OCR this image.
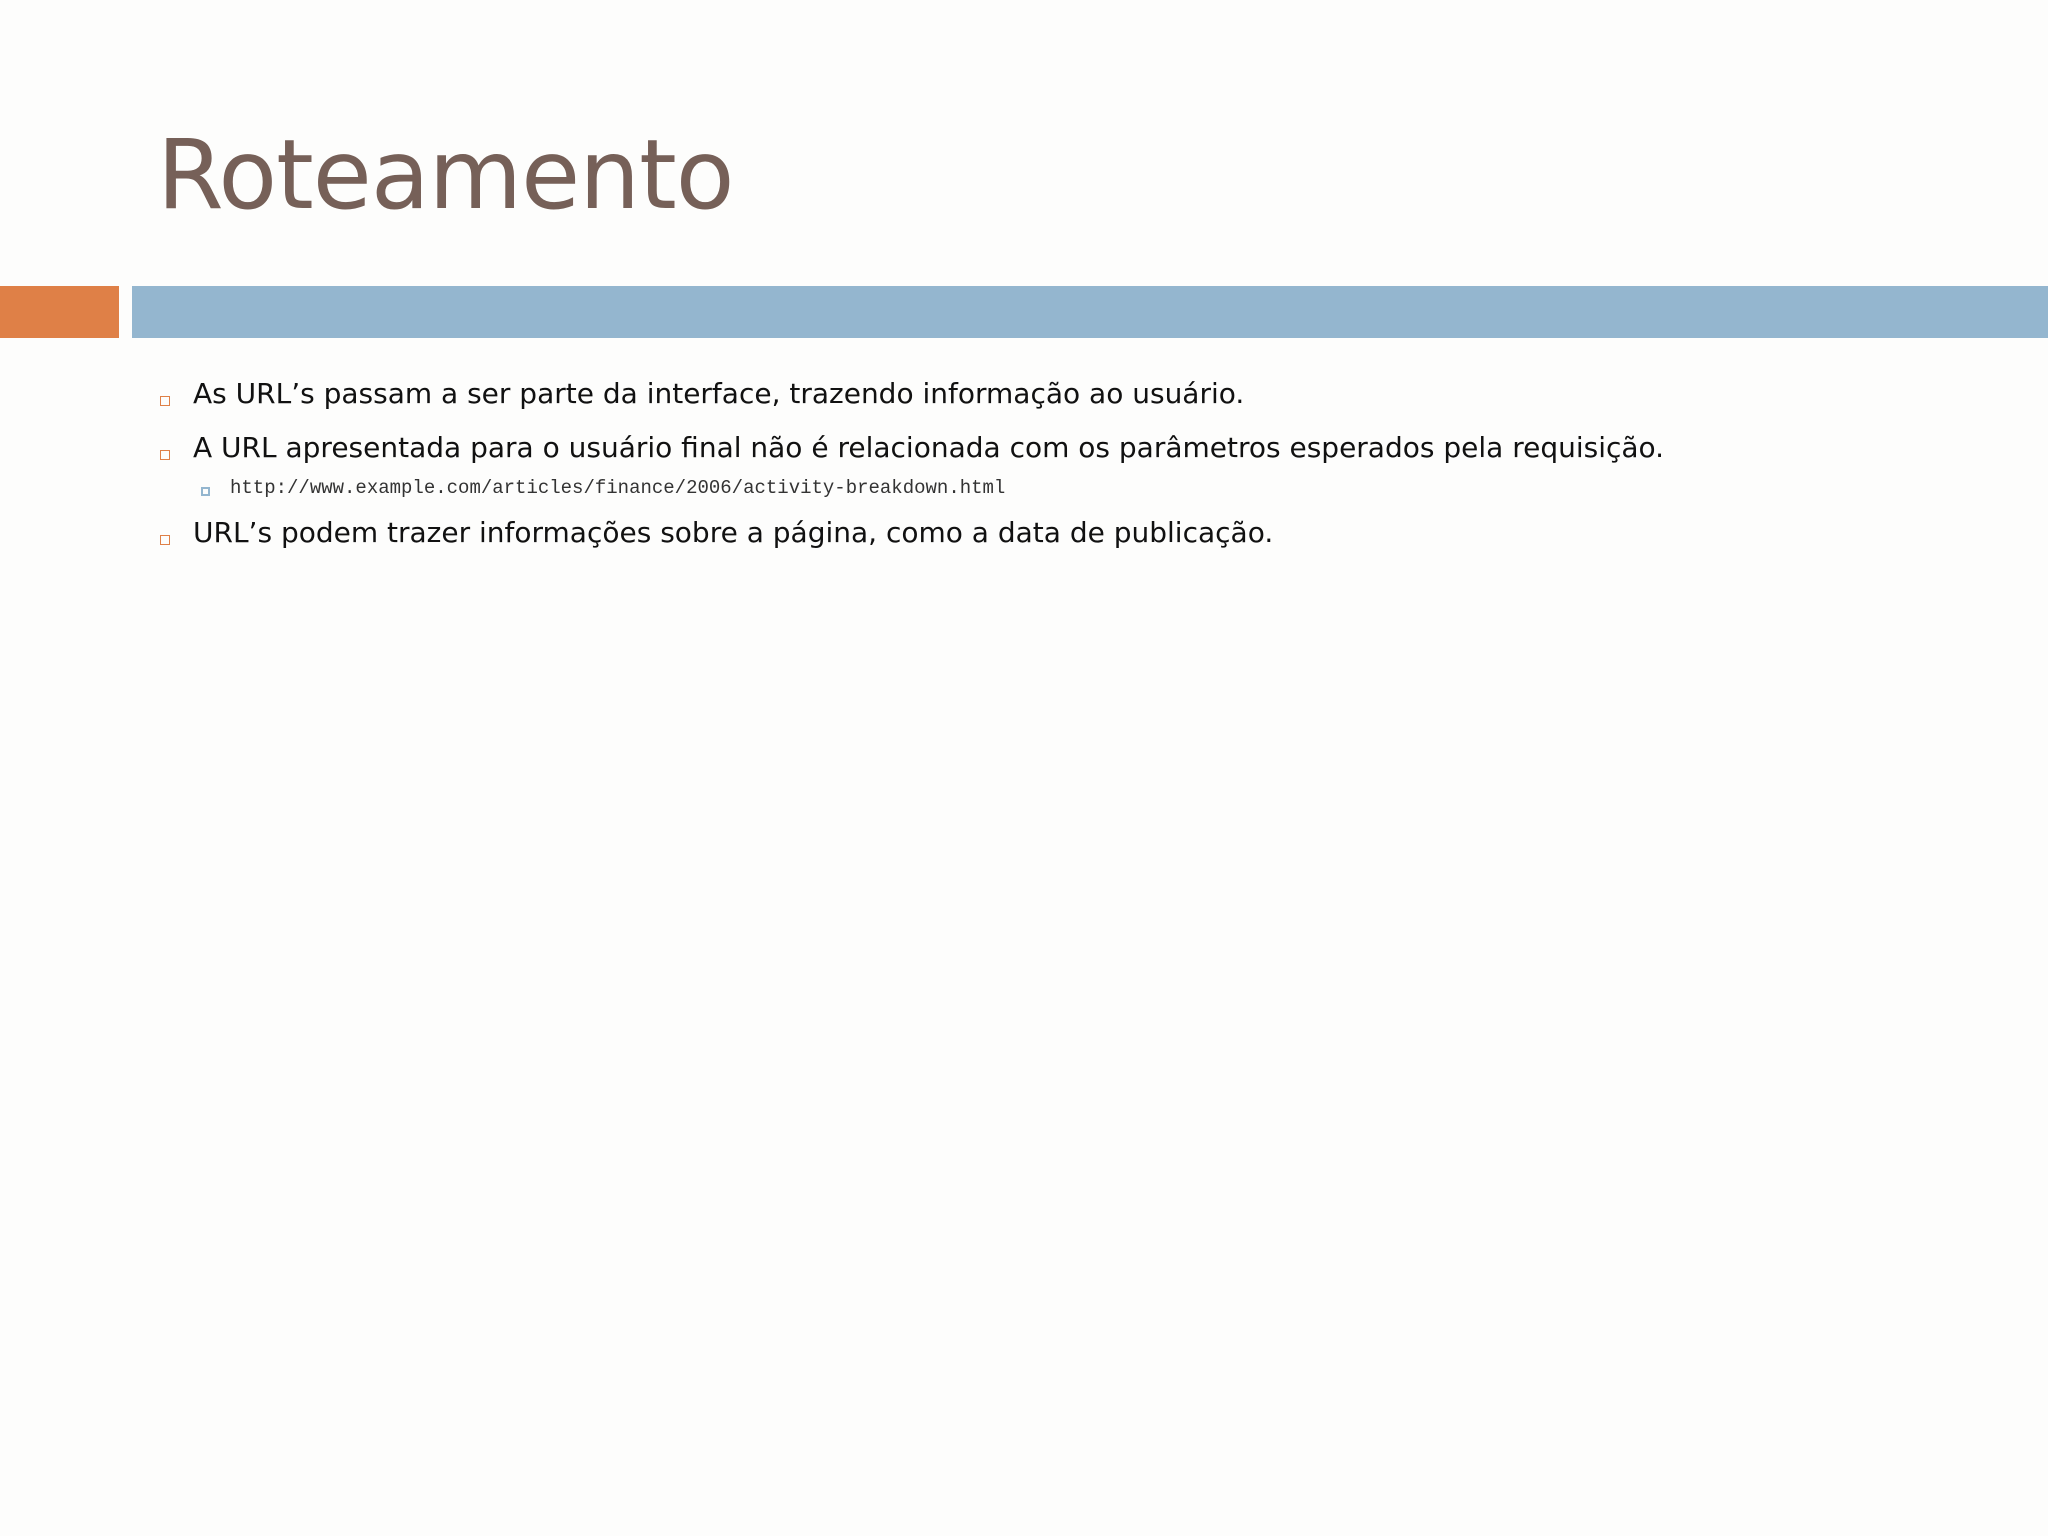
Roteamento
As URL’s passam a ser parte da interface, trazendo informação ao usuário.
A URL apresentada para o usuário final não é relacionada com os parâmetros esperados pela requisição.
http://www.example.com/articles/finance/2006/activity-breakdown.html
URL’s podem trazer informações sobre a página, como a data de publicação.
